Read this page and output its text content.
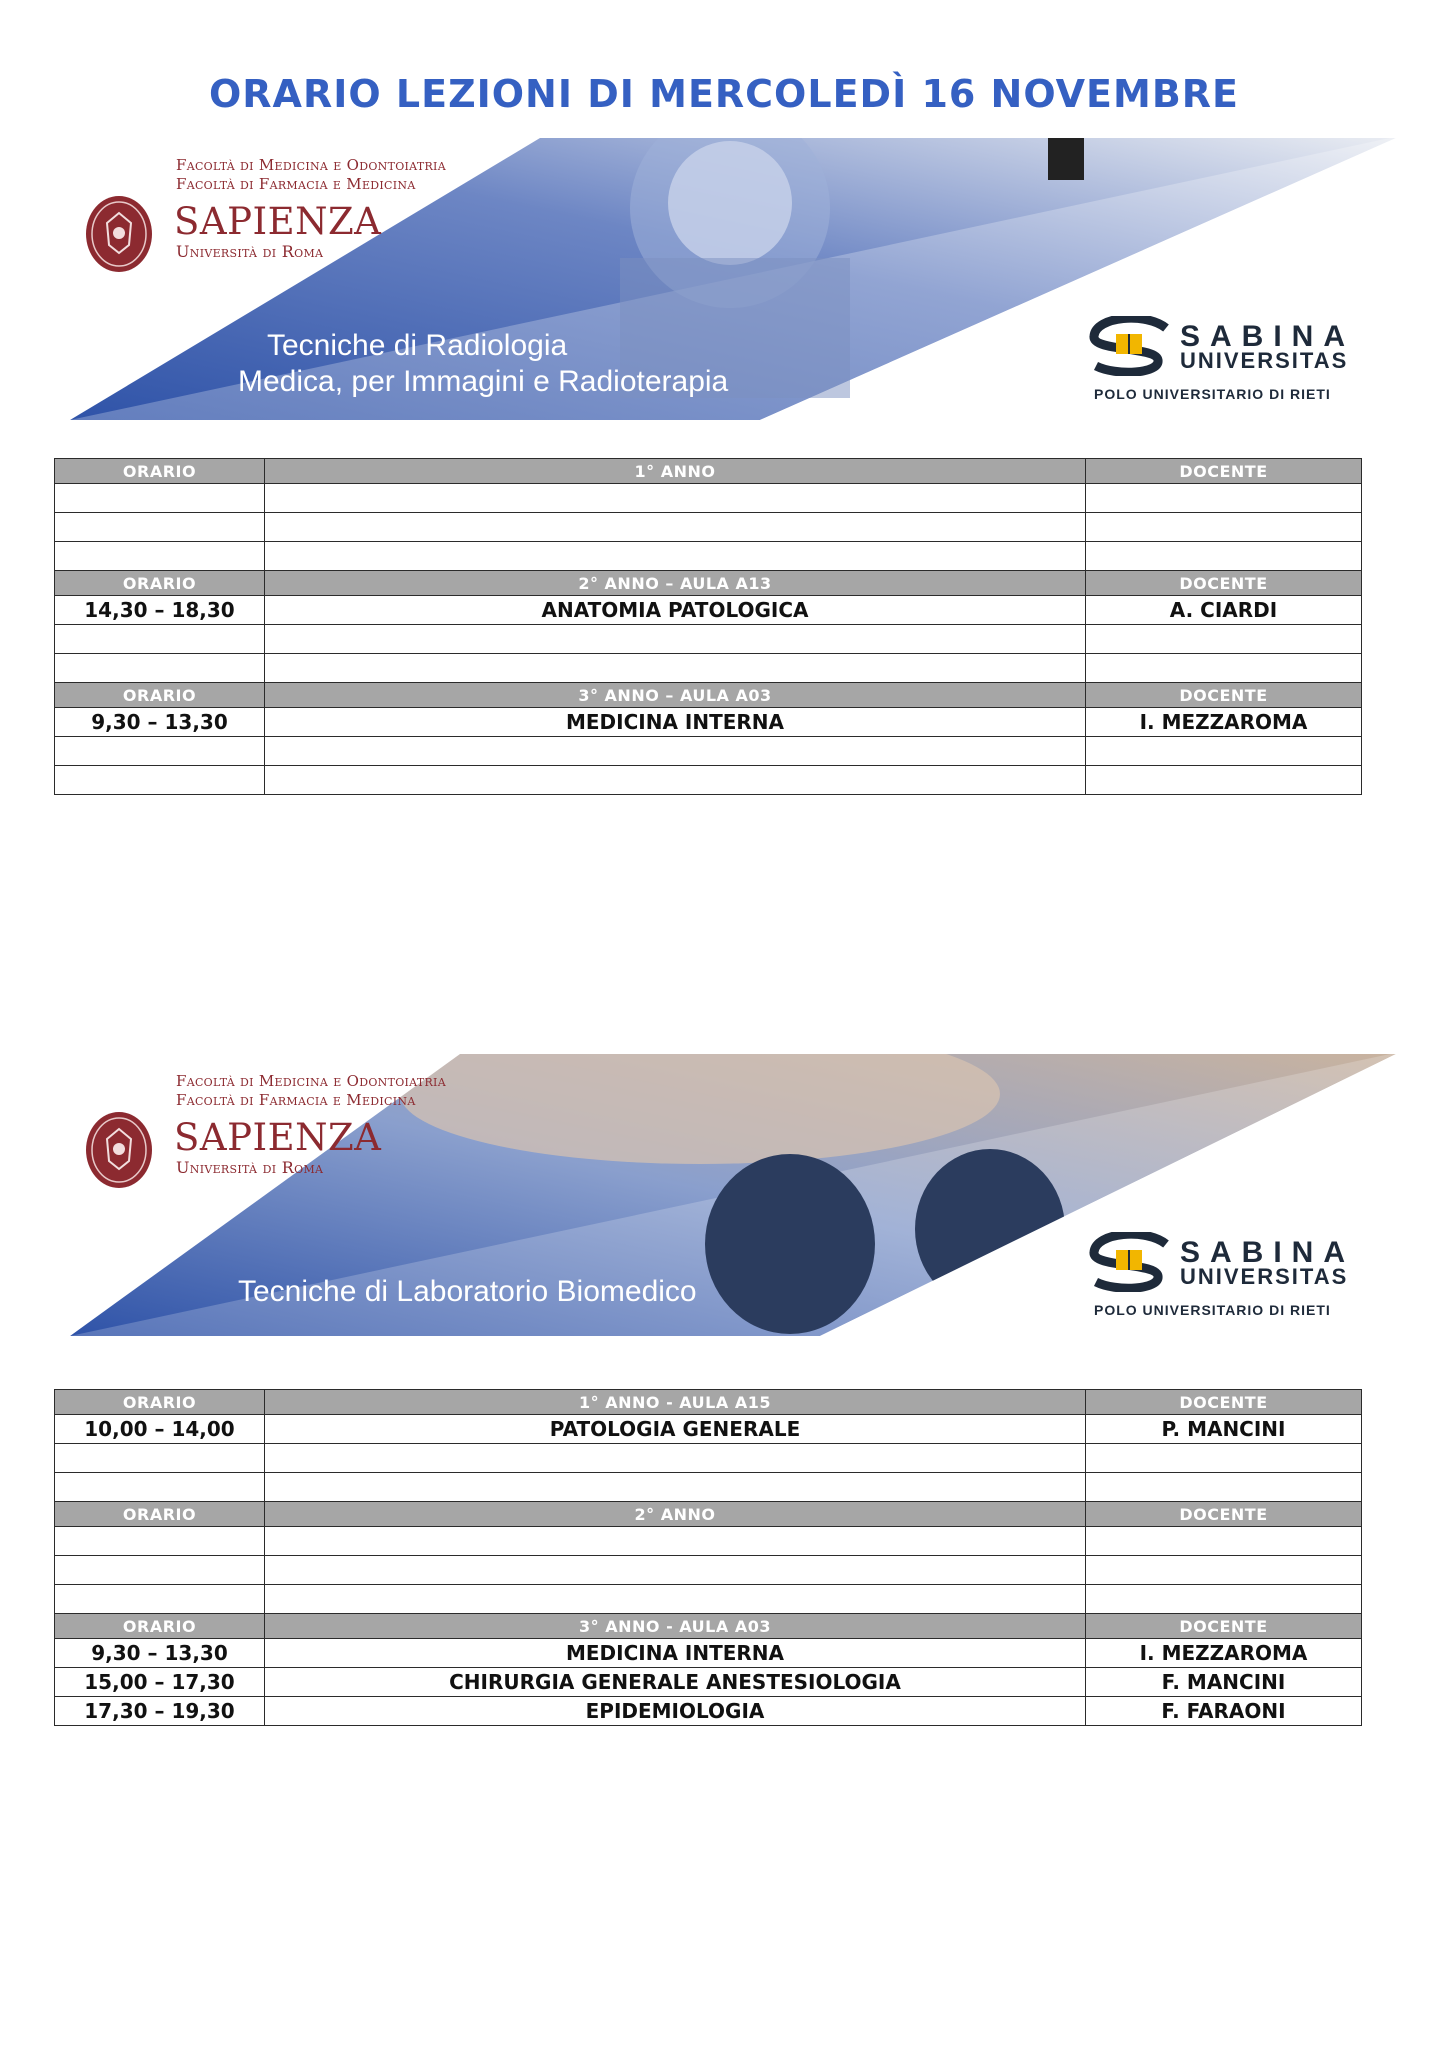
ORARIO LEZIONI DI MERCOLEDÌ 16 NOVEMBRE
Facoltà di Medicina e Odontoiatria
Facoltà di Farmacia e Medicina
SAPIENZA
Università di Roma
Tecniche di Radiologia
Medica, per Immagini e Radioterapia
SABINA
UNIVERSITAS
POLO UNIVERSITARIO DI RIETI
ORARIO	1° ANNO	DOCENTE

ORARIO	2° ANNO – AULA A13	DOCENTE
14,30 – 18,30	ANATOMIA PATOLOGICA	A. CIARDI

ORARIO	3° ANNO – AULA A03	DOCENTE
9,30 – 13,30	MEDICINA INTERNA	I. MEZZAROMA

Facoltà di Medicina e Odontoiatria
Facoltà di Farmacia e Medicina
SAPIENZA
Università di Roma
Tecniche di Laboratorio Biomedico
SABINA
UNIVERSITAS
POLO UNIVERSITARIO DI RIETI
ORARIO	1° ANNO - AULA A15	DOCENTE
10,00 – 14,00	PATOLOGIA GENERALE	P. MANCINI

ORARIO	2° ANNO	DOCENTE

ORARIO	3° ANNO - AULA A03	DOCENTE
9,30 – 13,30	MEDICINA INTERNA	I. MEZZAROMA
15,00 – 17,30	CHIRURGIA GENERALE ANESTESIOLOGIA	F. MANCINI
17,30 – 19,30	EPIDEMIOLOGIA	F. FARAONI
